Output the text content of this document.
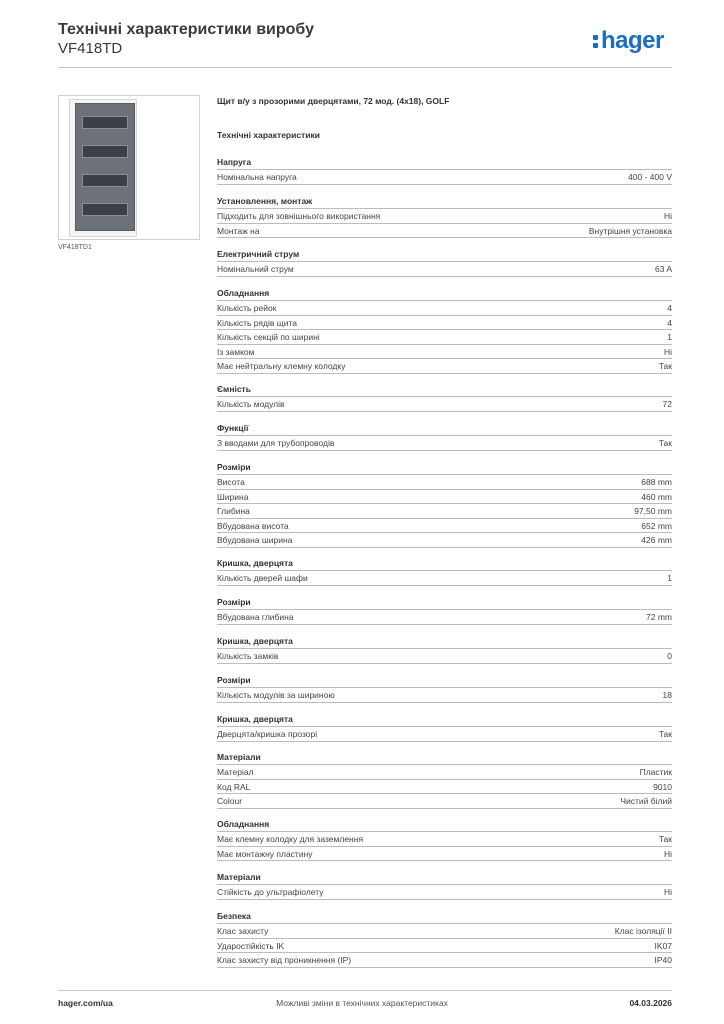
Технічні характеристики виробу
VF418TD	hager
VF418TD1
Щит в/у з прозорими дверцятами, 72 мод. (4х18), GOLF
Технічні характеристики
Напруга
Номінальна напруга	400 - 400 V
Установлення, монтаж
Підходить для зовнішнього використання	Ні
Монтаж на	Внутрішня установка
Електричний струм
Номінальний струм	63 A
Обладнання
Кількість рейок	4
Кількість рядів щита	4
Кількість секцій по ширині	1
Із замком	Ні
Має нейтральну клемну колодку	Так
Ємність
Кількість модулів	72
Функції
З вводами для трубопроводів	Так
Розміри
Висота	688 mm
Ширина	460 mm
Глибина	97,50 mm
Вбудована висота	652 mm
Вбудована ширина	426 mm
Кришка, дверцята
Кількість дверей шафи	1
Розміри
Вбудована глибина	72 mm
Кришка, дверцята
Кількість замків	0
Розміри
Кількість модулів за шириною	18
Кришка, дверцята
Дверцята/кришка прозорі	Так
Матеріали
Матеріал	Пластик
Код RAL	9010
Colour	Чистий білий
Обладнання
Має клемну колодку для заземлення	Так
Має монтажну пластину	Ні
Матеріали
Стійкість до ультрафіолету	Ні
Безпека
Клас захисту	Клас ізоляції II
Ударостійкість IK	IK07
Клас захисту від проникнення (IP)	IP40
hager.com/ua	Можливі зміни в технічних характеристиках	04.03.2026
